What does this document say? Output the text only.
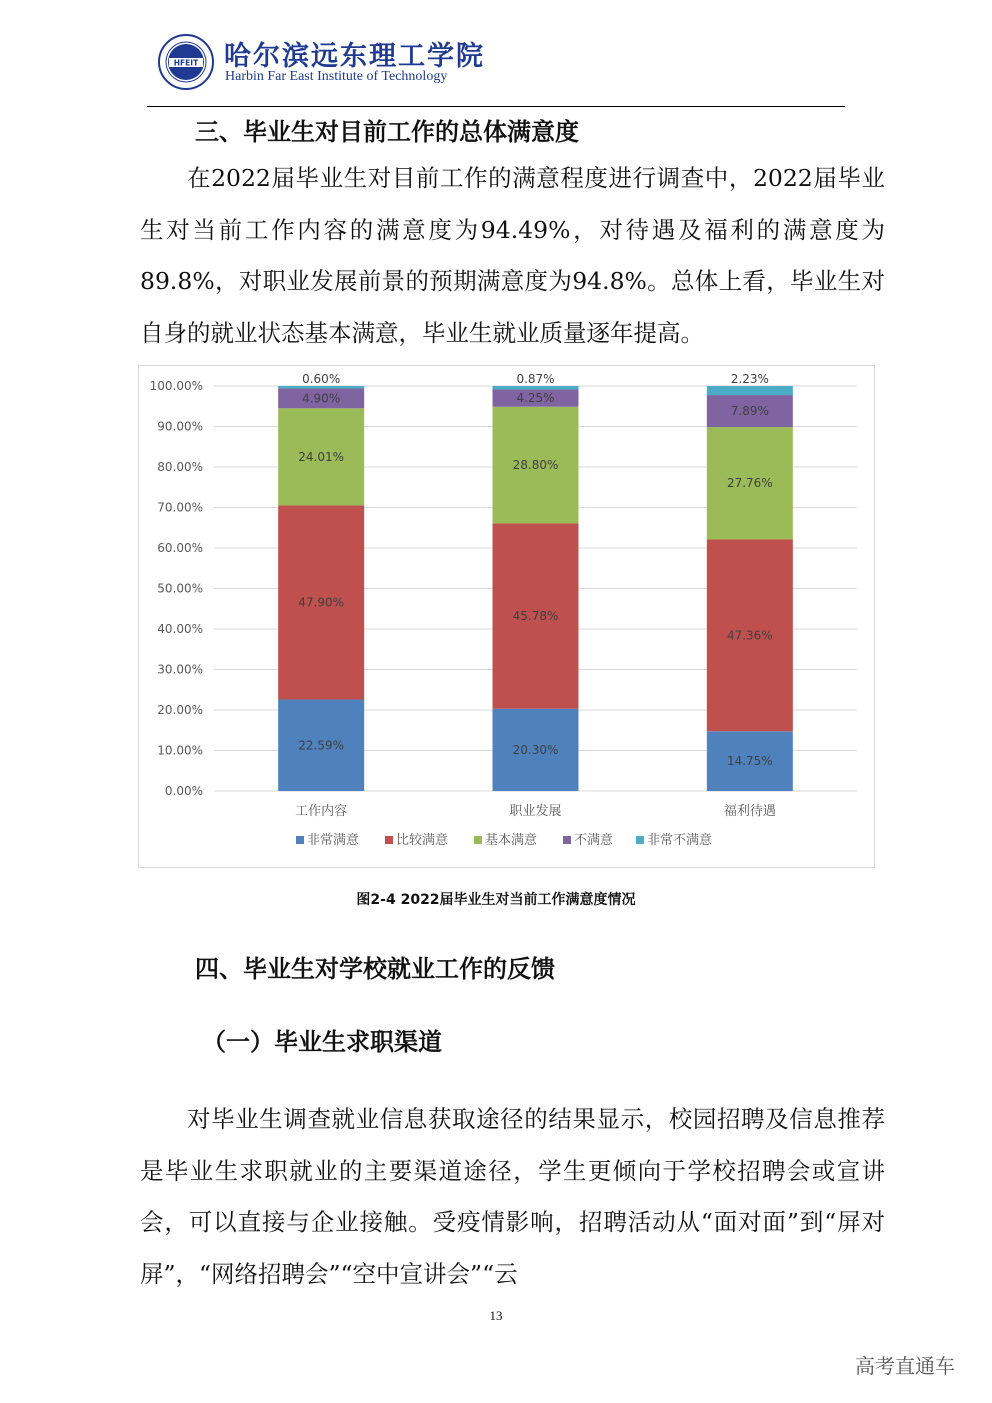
HFEIT 哈尔滨远东理工学院
Harbin Far East Institute of Technology
三、毕业生对目前工作的总体满意度
在2022届毕业生对目前工作的满意程度进行调查中，2022届毕业生对当前工作内容的满意度为94.49%，对待遇及福利的满意度为89.8%，对职业发展前景的预期满意度为94.8%。总体上看，毕业生对自身的就业状态基本满意，毕业生就业质量逐年提高。
0.00%
10.00%
20.00%
30.00%
40.00%
50.00%
60.00%
70.00%
80.00%
90.00%
100.00%
22.59%
47.90%
24.01%
4.90%
0.60%
工作内容
20.30%
45.78%
28.80%
4.25%
0.87%
职业发展
14.75%
47.36%
27.76%
7.89%
2.23%
福利待遇
非常满意	比较满意	基本满意	不满意	非常不满意
图2-4 2022届毕业生对当前工作满意度情况
四、毕业生对学校就业工作的反馈
（一）毕业生求职渠道
对毕业生调查就业信息获取途径的结果显示，校园招聘及信息推荐是毕业生求职就业的主要渠道途径，学生更倾向于学校招聘会或宣讲会，可以直接与企业接触。受疫情影响，招聘活动从“面对面”到“屏对屏”，“网络招聘会”“空中宣讲会”“云
13
高考直通车
